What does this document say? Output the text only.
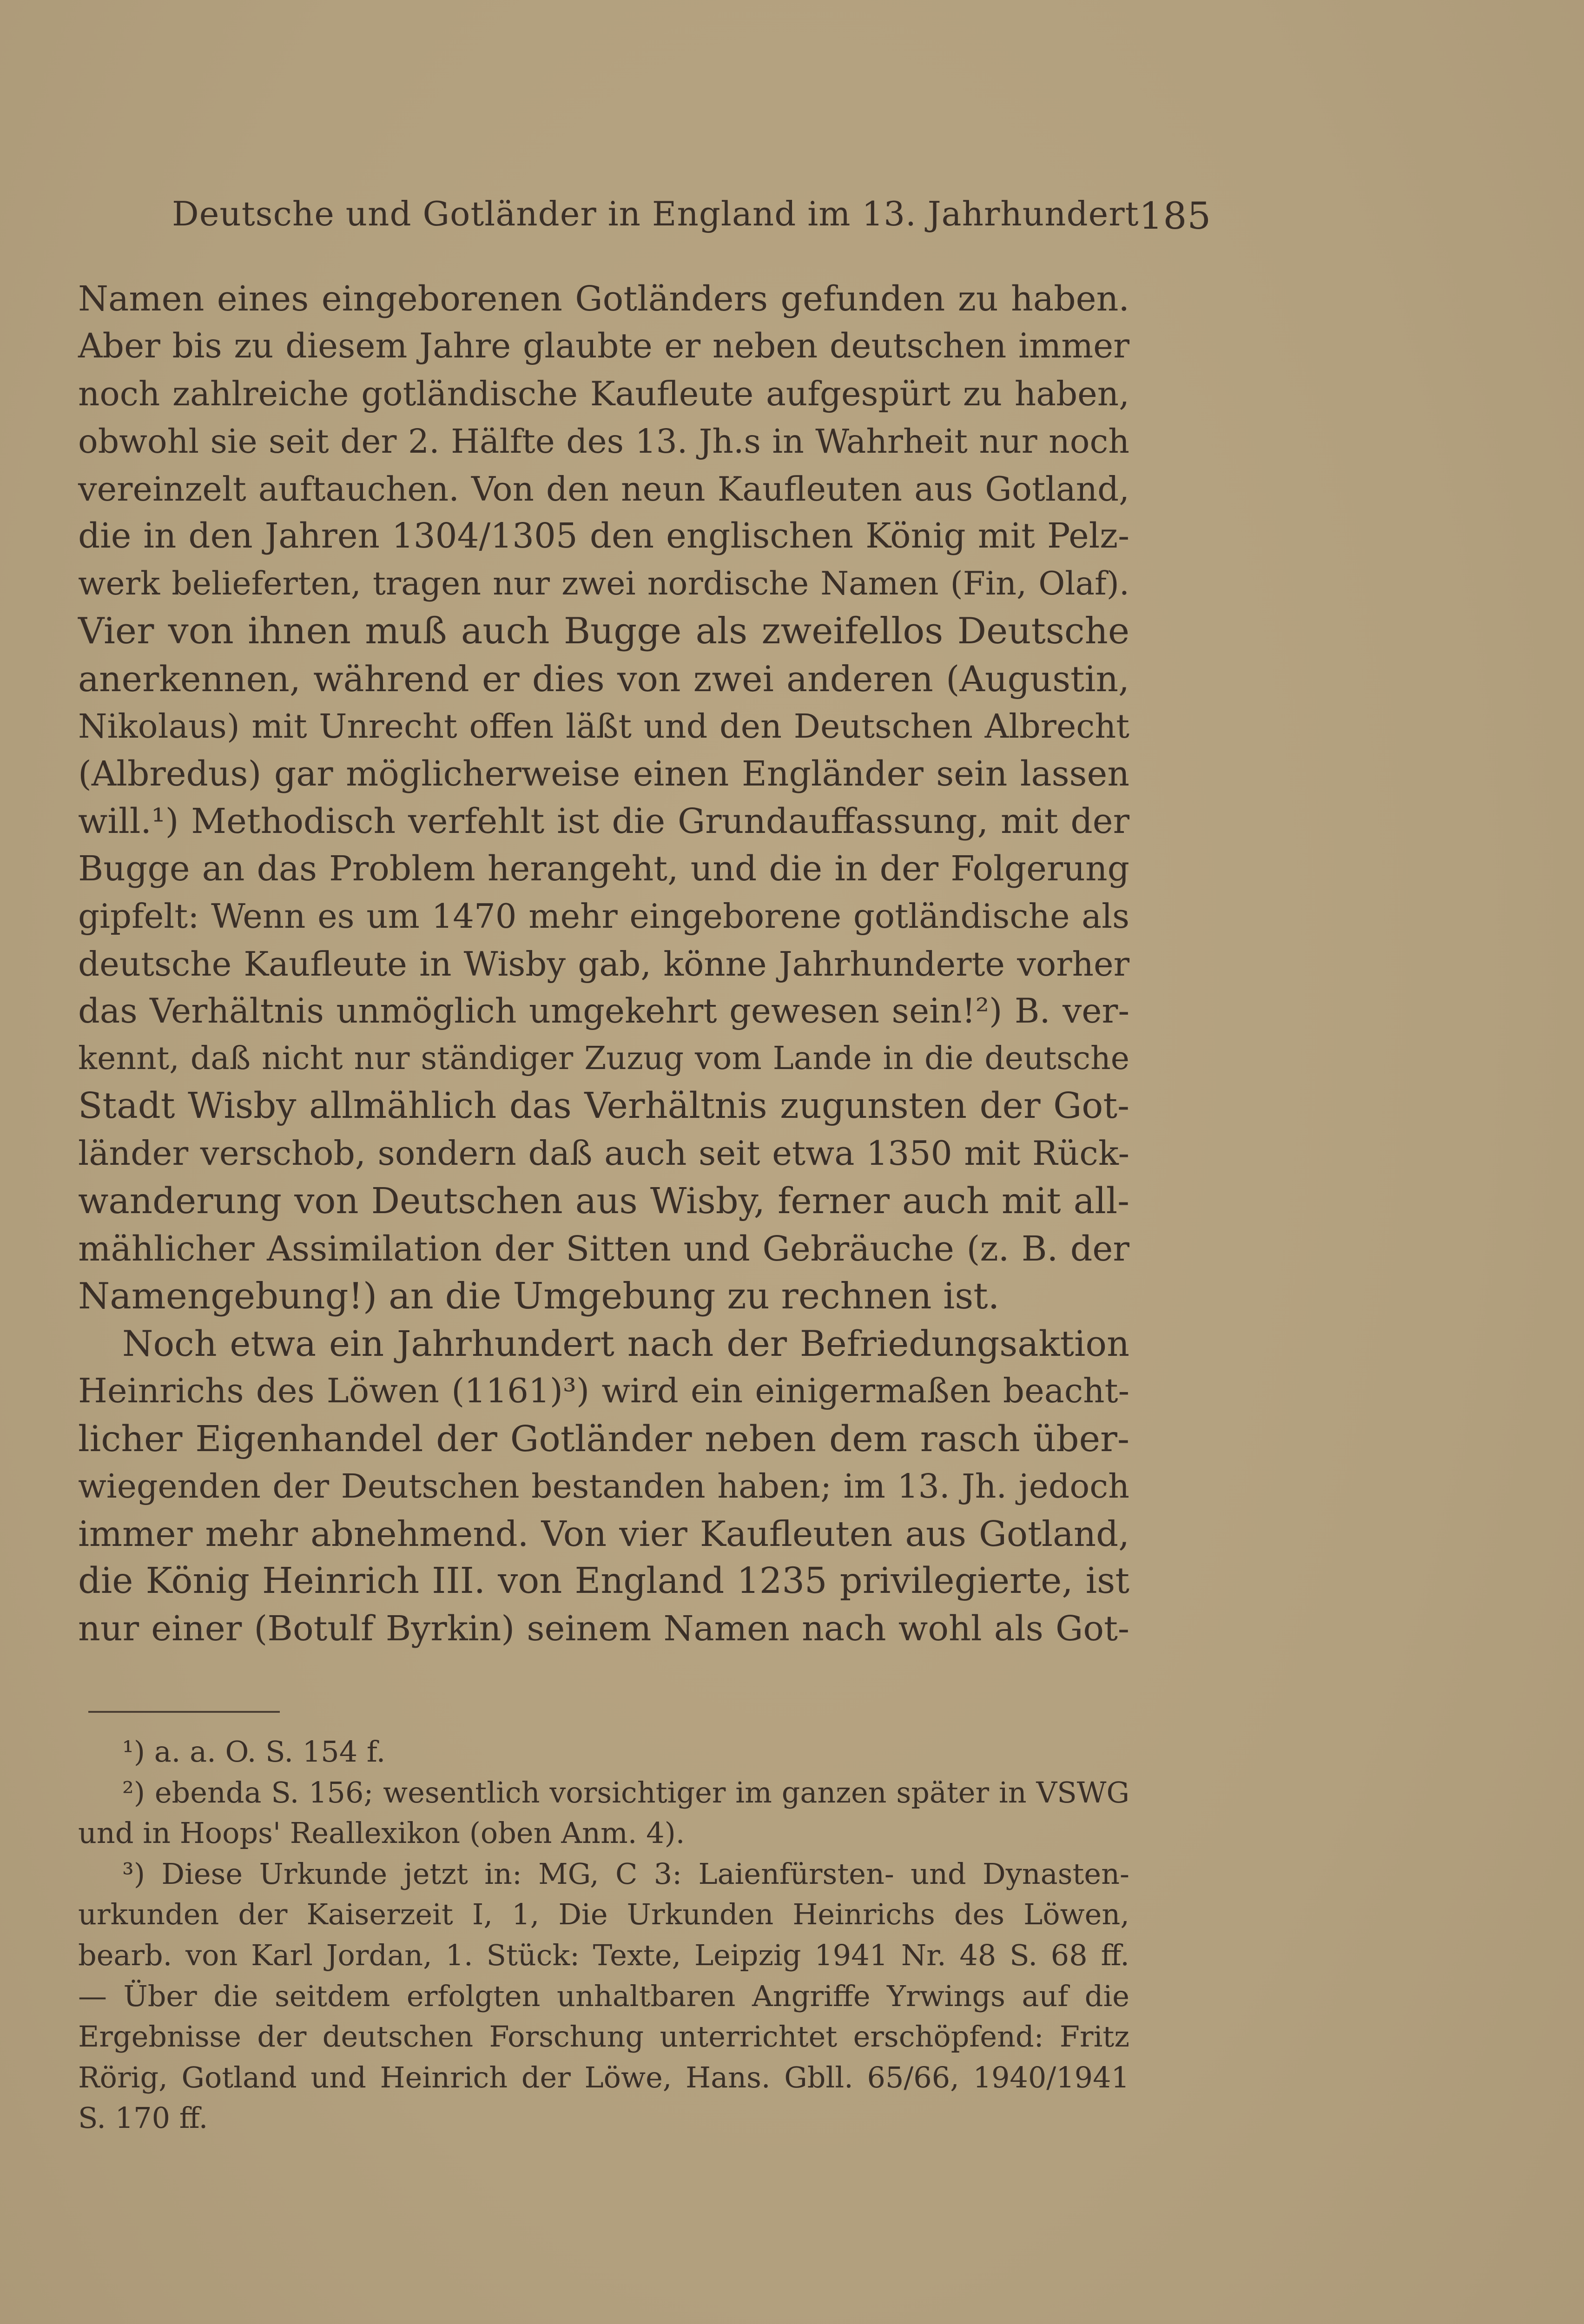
Deutsche und Gotländer in England im 13. Jahrhundert 185
Namen eines eingeborenen Gotländers gefunden zu haben.
Aber bis zu diesem Jahre glaubte er neben deutschen immer
noch zahlreiche gotländische Kaufleute aufgespürt zu haben,
obwohl sie seit der 2. Hälfte des 13. Jh.s in Wahrheit nur noch
vereinzelt auftauchen. Von den neun Kaufleuten aus Gotland,
die in den Jahren 1304/1305 den englischen König mit Pelz-
werk belieferten, tragen nur zwei nordische Namen (Fin, Olaf).
Vier von ihnen muß auch Bugge als zweifellos Deutsche
anerkennen, während er dies von zwei anderen (Augustin,
Nikolaus) mit Unrecht offen läßt und den Deutschen Albrecht
(Albredus) gar möglicherweise einen Engländer sein lassen
will.¹) Methodisch verfehlt ist die Grundauffassung, mit der
Bugge an das Problem herangeht, und die in der Folgerung
gipfelt: Wenn es um 1470 mehr eingeborene gotländische als
deutsche Kaufleute in Wisby gab, könne Jahrhunderte vorher
das Verhältnis unmöglich umgekehrt gewesen sein!²) B. ver-
kennt, daß nicht nur ständiger Zuzug vom Lande in die deutsche
Stadt Wisby allmählich das Verhältnis zugunsten der Got-
länder verschob, sondern daß auch seit etwa 1350 mit Rück-
wanderung von Deutschen aus Wisby, ferner auch mit all-
mählicher Assimilation der Sitten und Gebräuche (z. B. der
Namengebung!) an die Umgebung zu rechnen ist.
Noch etwa ein Jahrhundert nach der Befriedungsaktion
Heinrichs des Löwen (1161)³) wird ein einigermaßen beacht-
licher Eigenhandel der Gotländer neben dem rasch über-
wiegenden der Deutschen bestanden haben; im 13. Jh. jedoch
immer mehr abnehmend. Von vier Kaufleuten aus Gotland,
die König Heinrich III. von England 1235 privilegierte, ist
nur einer (Botulf Byrkin) seinem Namen nach wohl als Got-
¹) a. a. O. S. 154 f.
²) ebenda S. 156; wesentlich vorsichtiger im ganzen später in VSWG
und in Hoops' Reallexikon (oben Anm. 4).
³) Diese Urkunde jetzt in: MG, C 3: Laienfürsten- und Dynasten-
urkunden der Kaiserzeit I, 1, Die Urkunden Heinrichs des Löwen,
bearb. von Karl Jordan, 1. Stück: Texte, Leipzig 1941 Nr. 48 S. 68 ff.
— Über die seitdem erfolgten unhaltbaren Angriffe Yrwings auf die
Ergebnisse der deutschen Forschung unterrichtet erschöpfend: Fritz
Rörig, Gotland und Heinrich der Löwe, Hans. Gbll. 65/66, 1940/1941
S. 170 ff.
